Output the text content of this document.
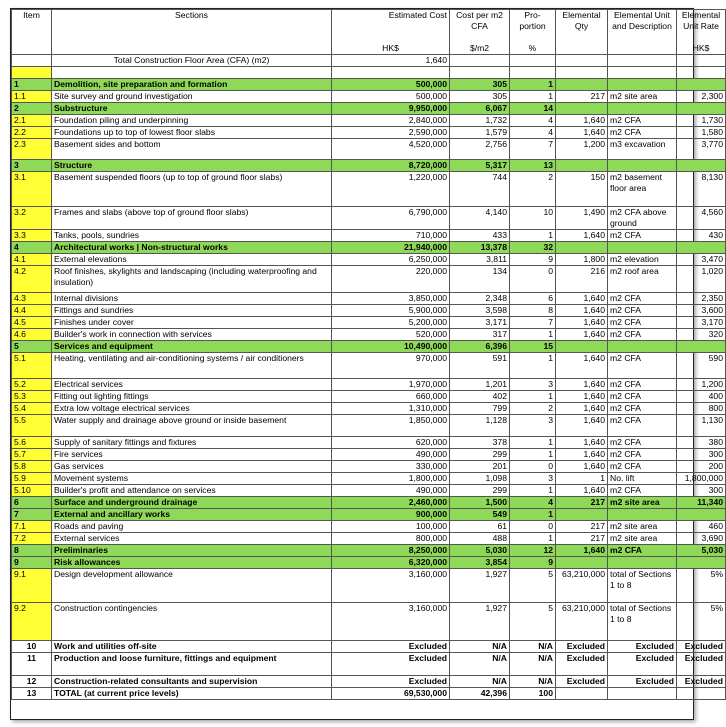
Item	Sections	Estimated Cost	Cost per m2 CFA	Pro-portion	Elemental Qty	Elemental Unit and Description	Elemental Unit Rate
		HK$	$/m2	%			HK$
	Total Construction Floor Area (CFA) (m2)	1,640					

1	Demolition, site preparation and formation	500,000	305	1			
1.1	Site survey and ground investigation	500,000	305	1	217	m2 site area	2,300
2	Substructure	9,950,000	6,067	14			
2.1	Foundation piling and underpinning	2,840,000	1,732	4	1,640	m2 CFA	1,730
2.2	Foundations up to top of lowest floor slabs	2,590,000	1,579	4	1,640	m2 CFA	1,580
2.3	Basement sides and bottom	4,520,000	2,756	7	1,200	m3 excavation	3,770
3	Structure	8,720,000	5,317	13			
3.1	Basement suspended floors (up to top of ground floor slabs)	1,220,000	744	2	150	m2 basement floor area	8,130
3.2	Frames and slabs (above top of ground floor slabs)	6,790,000	4,140	10	1,490	m2 CFA above ground	4,560
3.3	Tanks, pools, sundries	710,000	433	1	1,640	m2 CFA	430
4	Architectural works | Non-structural works	21,940,000	13,378	32			
4.1	External elevations	6,250,000	3,811	9	1,800	m2 elevation	3,470
4.2	Roof finishes, skylights and landscaping (including waterproofing and insulation)	220,000	134	0	216	m2 roof area	1,020
4.3	Internal divisions	3,850,000	2,348	6	1,640	m2 CFA	2,350
4.4	Fittings and sundries	5,900,000	3,598	8	1,640	m2 CFA	3,600
4.5	Finishes under cover	5,200,000	3,171	7	1,640	m2 CFA	3,170
4.6	Builder's work in connection with services	520,000	317	1	1,640	m2 CFA	320
5	Services and equipment	10,490,000	6,396	15			
5.1	Heating, ventilating and air-conditioning systems / air conditioners	970,000	591	1	1,640	m2 CFA	590
5.2	Electrical services	1,970,000	1,201	3	1,640	m2 CFA	1,200
5.3	Fitting out lighting fittings	660,000	402	1	1,640	m2 CFA	400
5.4	Extra low voltage electrical services	1,310,000	799	2	1,640	m2 CFA	800
5.5	Water supply and drainage above ground or inside basement	1,850,000	1,128	3	1,640	m2 CFA	1,130
5.6	Supply of sanitary fittings and fixtures	620,000	378	1	1,640	m2 CFA	380
5.7	Fire services	490,000	299	1	1,640	m2 CFA	300
5.8	Gas services	330,000	201	0	1,640	m2 CFA	200
5.9	Movement systems	1,800,000	1,098	3	1	No. lift	1,800,000
5.10	Builder's profit and attendance on services	490,000	299	1	1,640	m2 CFA	300
6	Surface and underground drainage	2,460,000	1,500	4	217	m2 site area	11,340
7	External and ancillary works	900,000	549	1			
7.1	Roads and paving	100,000	61	0	217	m2 site area	460
7.2	External services	800,000	488	1	217	m2 site area	3,690
8	Preliminaries	8,250,000	5,030	12	1,640	m2 CFA	5,030
9	Risk allowances	6,320,000	3,854	9			
9.1	Design development allowance	3,160,000	1,927	5	63,210,000	total of Sections 1 to 8	5%
9.2	Construction contingencies	3,160,000	1,927	5	63,210,000	total of Sections 1 to 8	5%
10	Work and utilities off-site	Excluded	N/A	N/A	Excluded	Excluded	Excluded
11	Production and loose furniture, fittings and equipment	Excluded	N/A	N/A	Excluded	Excluded	Excluded
12	Construction-related consultants and supervision	Excluded	N/A	N/A	Excluded	Excluded	Excluded
13	TOTAL (at current price levels)	69,530,000	42,396	100			
